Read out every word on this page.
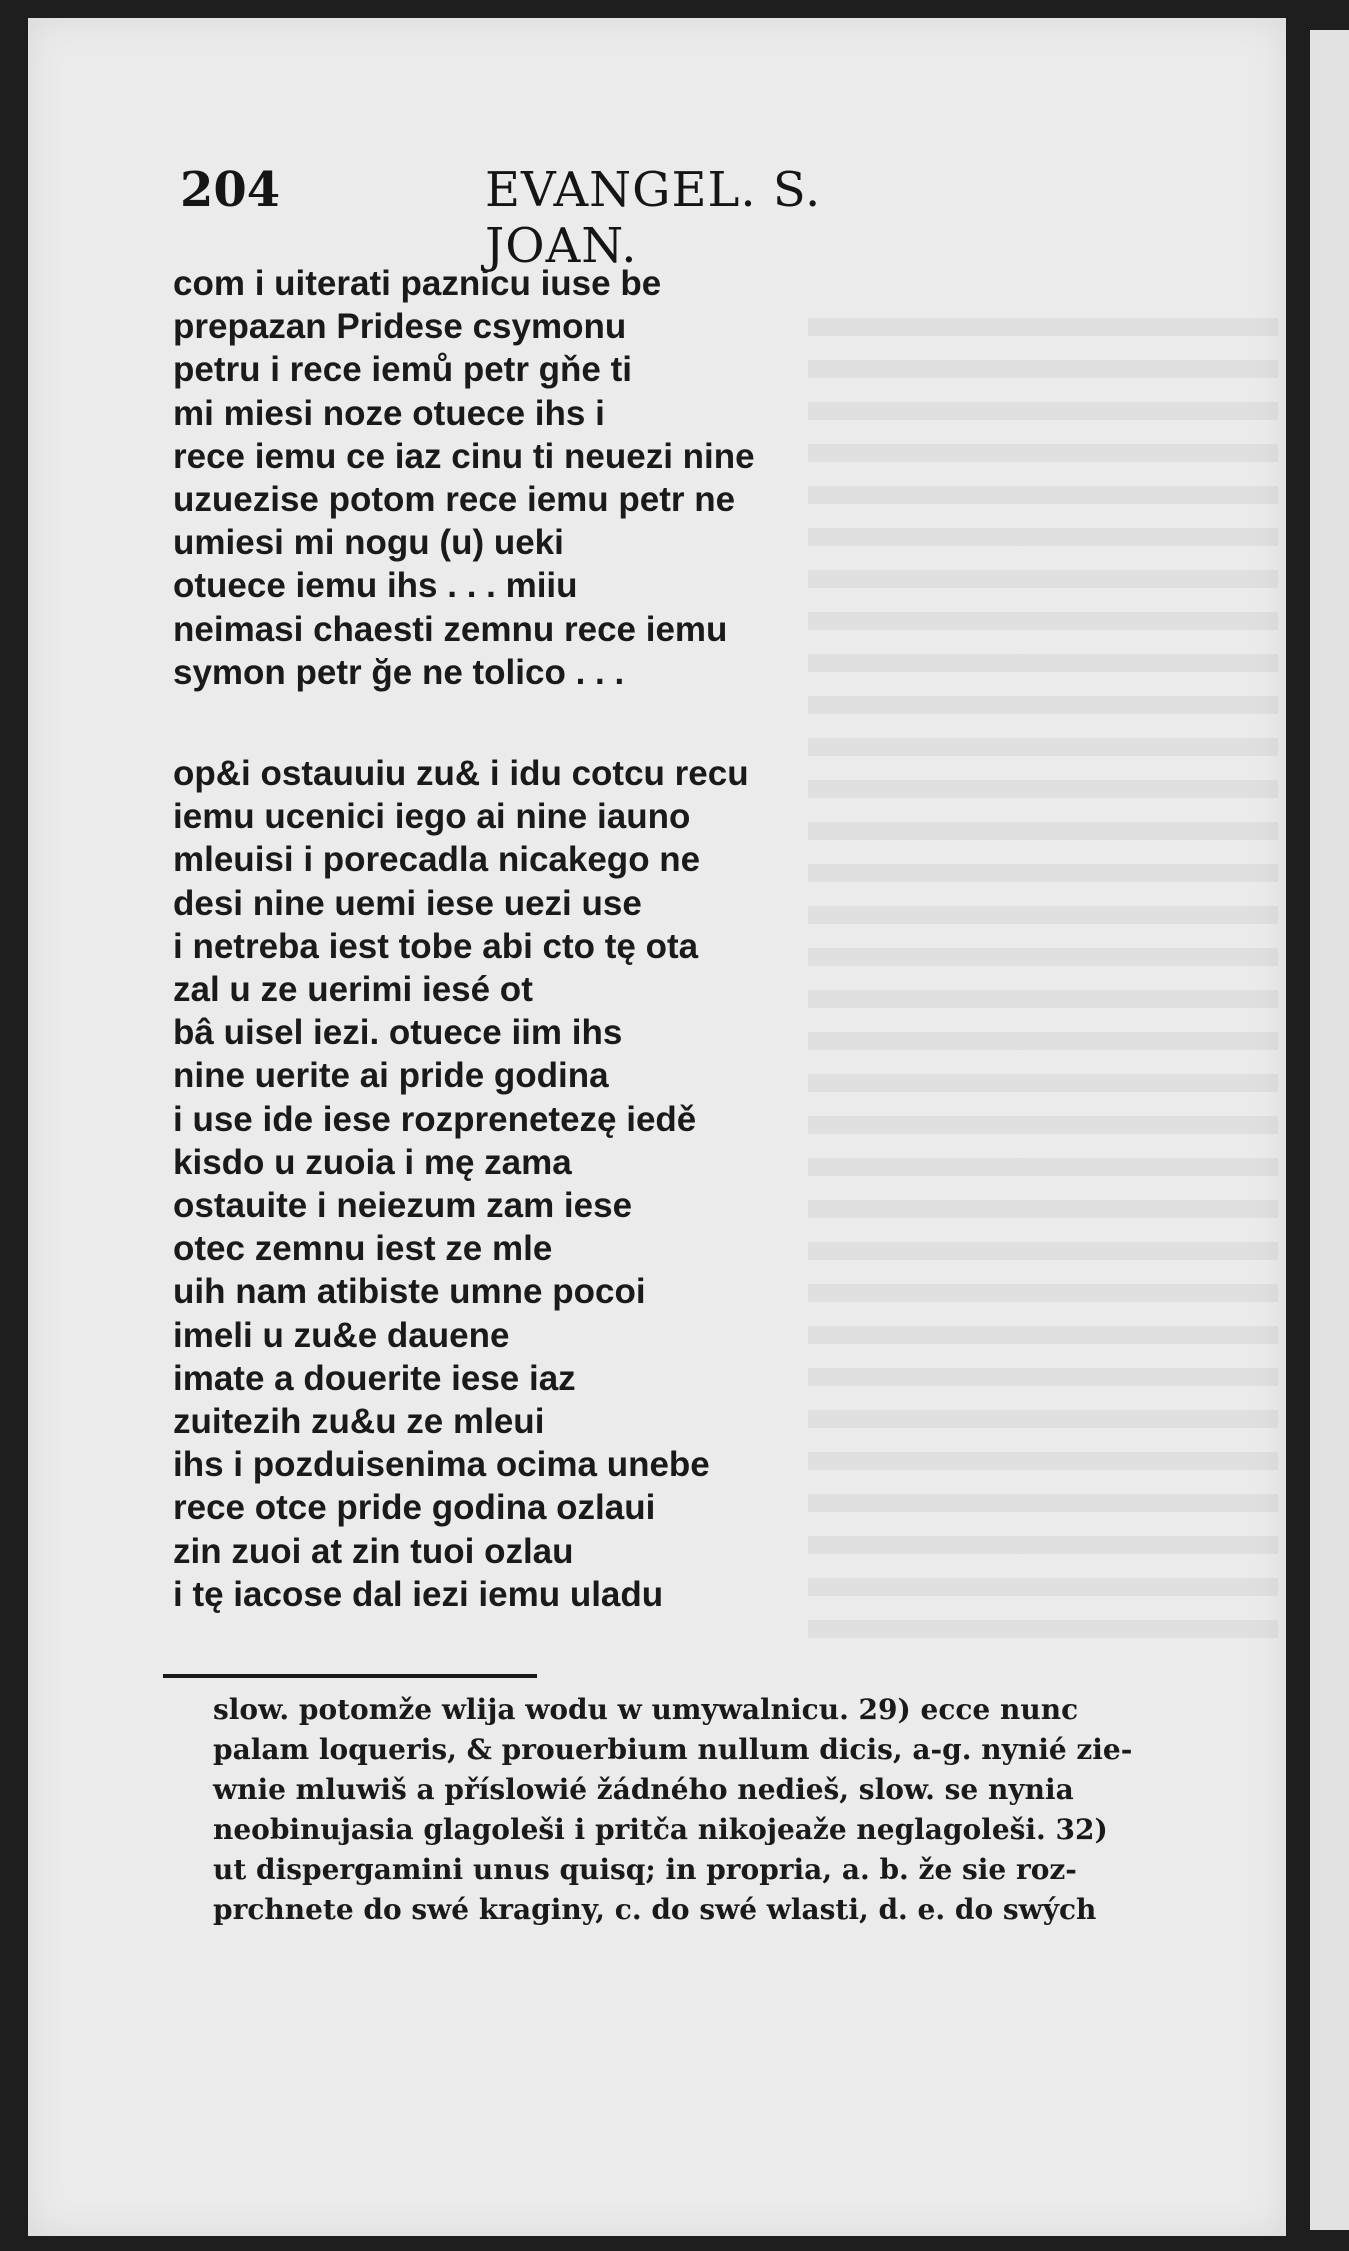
204	EVANGEL. S. JOAN.
com i uiterati paznicu iuse be
prepazan Pridese csymonu
petru i rece iemů petr gňe ti
mi miesi noze otuece ihs i
rece iemu ce iaz cinu ti neuezi nine
uzuezise potom rece iemu petr ne
umiesi mi nogu (u) ueki
otuece iemu ihs . . . miiu
neimasi chaesti zemnu rece iemu
symon petr ğe ne tolico . . .
op&i ostauuiu zu& i idu cotcu recu
iemu ucenici iego ai nine iauno
mleuisi i porecadla nicakego ne
desi nine uemi iese uezi use
i netreba iest tobe abi cto tę ota
zal u ze uerimi iesé ot
bâ uisel iezi. otuece iim ihs
nine uerite ai pride godina
i use ide iese rozprenetezę iedě
kisdo u zuoia i mę zama
ostauite i neiezum zam iese
otec zemnu iest ze mle
uih nam atibiste umne pocoi
imeli u zu&e dauene
imate a douerite iese iaz
zuitezih zu&u ze mleui
ihs i pozduisenima ocima unebe
rece otce pride godina ozlaui
zin zuoi at zin tuoi ozlau
i tę iacose dal iezi iemu uladu
slow. potomže wlija wodu w umywalnicu. 29) ecce nunc
palam loqueris, & prouerbium nullum dicis, a-g. nynié zie-
wnie mluwiš a příslowié žádného nedieš, slow. se nynia
neobinujasia glagoleši i pritča nikojeaže neglagoleši. 32)
ut dispergamini unus quisq; in propria, a. b. že sie roz-
prchnete do swé kraginy, c. do swé wlasti, d. e. do swých
